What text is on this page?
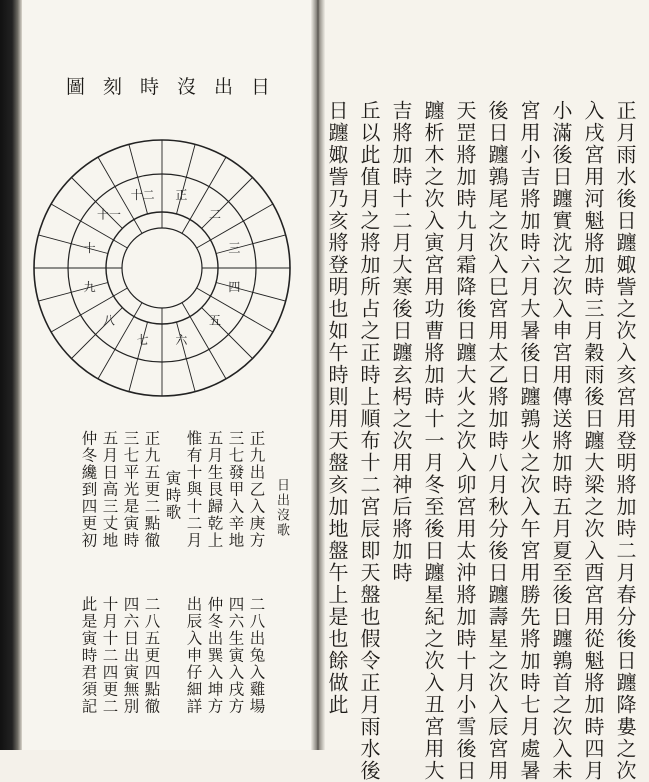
日出沒時刻圖
正
二
三
四
五
六
七
八
九
十
十一
十二
正九出乙入庚方
三七發甲入辛地
五月生艮歸乾上
惟有十與十二月
寅時歌
正九五更二點徹
三七平光是寅時
五月日高三丈地
仲冬纔到四更初
二八出兔入雞場
四六生寅入戌方
仲冬出巽入坤方
出辰入申仔細詳
二八五更四點徹
四六日出寅無別
十月十二四更二
此是寅時君須記
日出沒歌	正月雨水後日躔娵訾之次入亥宮用登明將加時二月春分後日躔降婁之次
入戌宮用河魁將加時三月穀雨後日躔大梁之次入酉宮用從魁將加時四月
小滿後日躔實沈之次入申宮用傳送將加時五月夏至後日躔鶉首之次入未
宮用小吉將加時六月大暑後日躔鶉火之次入午宮用勝先將加時七月處暑
後日躔鶉尾之次入巳宮用太乙將加時八月秋分後日躔壽星之次入辰宮用
天罡將加時九月霜降後日躔大火之次入卯宮用太沖將加時十月小雪後日
躔析木之次入寅宮用功曹將加時十一月冬至後日躔星紀之次入丑宮用大
吉將加時十二月大寒後日躔玄枵之次用神后將加時
丘以此值月之將加所占之正時上順布十二宮辰即天盤也假令正月雨水後
日躔娵訾乃亥將登明也如午時則用天盤亥加地盤午上是也餘做此
